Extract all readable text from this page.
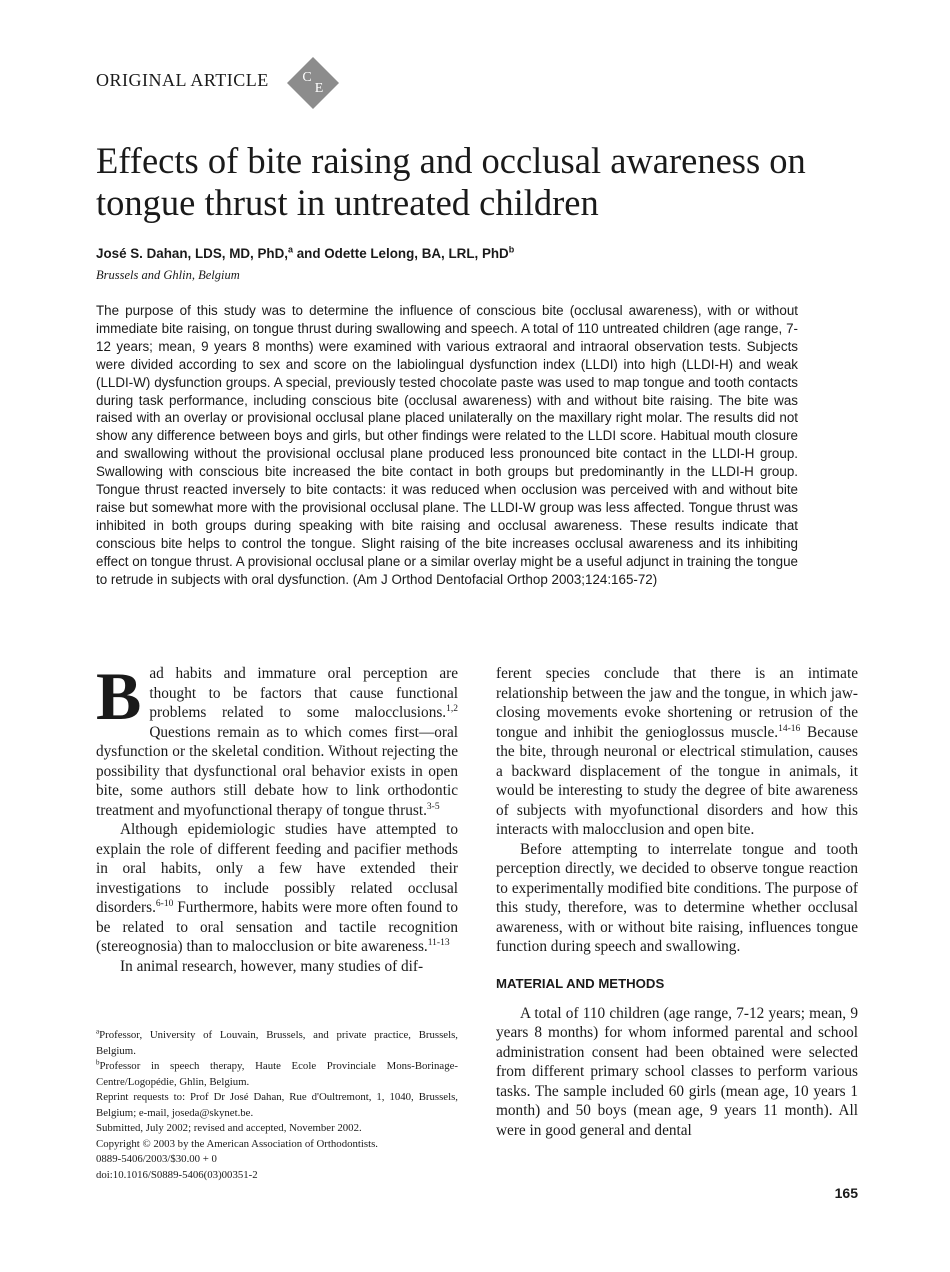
ORIGINAL ARTICLE C
E
Effects of bite raising and occlusal awareness on tongue thrust in untreated children

José S. Dahan, LDS, MD, PhD,$^a$ and Odette Lelong, BA, LRL, PhD$^b$

Brussels and Ghlin, Belgium

The purpose of this study was to determine the influence of conscious bite (occlusal awareness), with or without immediate bite raising, on tongue thrust during swallowing and speech. A total of 110 untreated children (age range, 7-12 years; mean, 9 years 8 months) were examined with various extraoral and intraoral observation tests. Subjects were divided according to sex and score on the labiolingual dysfunction index (LLDI) into high (LLDI-H) and weak (LLDI-W) dysfunction groups. A special, previously tested chocolate paste was used to map tongue and tooth contacts during task performance, including conscious bite (occlusal awareness) with and without bite raising. The bite was raised with an overlay or provisional occlusal plane placed unilaterally on the maxillary right molar. The results did not show any difference between boys and girls, but other findings were related to the LLDI score. Habitual mouth closure and swallowing without the provisional occlusal plane produced less pronounced bite contact in the LLDI-H group. Swallowing with conscious bite increased the bite contact in both groups but predominantly in the LLDI-H group. Tongue thrust reacted inversely to bite contacts: it was reduced when occlusion was perceived with and without bite raise but somewhat more with the provisional occlusal plane. The LLDI-W group was less affected. Tongue thrust was inhibited in both groups during speaking with bite raising and occlusal awareness. These results indicate that conscious bite helps to control the tongue. Slight raising of the bite increases occlusal awareness and its inhibiting effect on tongue thrust. A provisional occlusal plane or a similar overlay might be a useful adjunct in training the tongue to retrude in subjects with oral dysfunction. (Am J Orthod Dentofacial Orthop 2003;124:165-72)

Bad habits and immature oral perception are thought to be factors that cause functional problems related to some malocclusions.$^{1,2}$ Questions remain as to which comes first—oral dysfunction or the skeletal condition. Without rejecting the possibility that dysfunctional oral behavior exists in open bite, some authors still debate how to link orthodontic treatment and myofunctional therapy of tongue thrust.$^{3-5}$

Although epidemiologic studies have attempted to explain the role of different feeding and pacifier methods in oral habits, only a few have extended their investigations to include possibly related occlusal disorders.$^{6-10}$ Furthermore, habits were more often found to be related to oral sensation and tactile recognition (stereognosia) than to malocclusion or bite awareness.$^{11-13}$

In animal research, however, many studies of dif-

$^a$Professor, University of Louvain, Brussels, and private practice, Brussels, Belgium.

$^b$Professor in speech therapy, Haute Ecole Provinciale Mons-Borinage-Centre/Logopédie, Ghlin, Belgium.

Reprint requests to: Prof Dr José Dahan, Rue d'Oultremont, 1, 1040, Brussels, Belgium; e-mail, joseda@skynet.be.

Submitted, July 2002; revised and accepted, November 2002.

Copyright © 2003 by the American Association of Orthodontists.

0889-5406/2003/$30.00 + 0

doi:10.1016/S0889-5406(03)00351-2

ferent species conclude that there is an intimate relationship between the jaw and the tongue, in which jaw-closing movements evoke shortening or retrusion of the tongue and inhibit the genioglossus muscle.$^{14-16}$ Because the bite, through neuronal or electrical stimulation, causes a backward displacement of the tongue in animals, it would be interesting to study the degree of bite awareness of subjects with myofunctional disorders and how this interacts with malocclusion and open bite.

Before attempting to interrelate tongue and tooth perception directly, we decided to observe tongue reaction to experimentally modified bite conditions. The purpose of this study, therefore, was to determine whether occlusal awareness, with or without bite raising, influences tongue function during speech and swallowing.

MATERIAL AND METHODS

A total of 110 children (age range, 7-12 years; mean, 9 years 8 months) for whom informed parental and school administration consent had been obtained were selected from different primary school classes to perform various tasks. The sample included 60 girls (mean age, 10 years 1 month) and 50 boys (mean age, 9 years 11 month). All were in good general and dental

165
